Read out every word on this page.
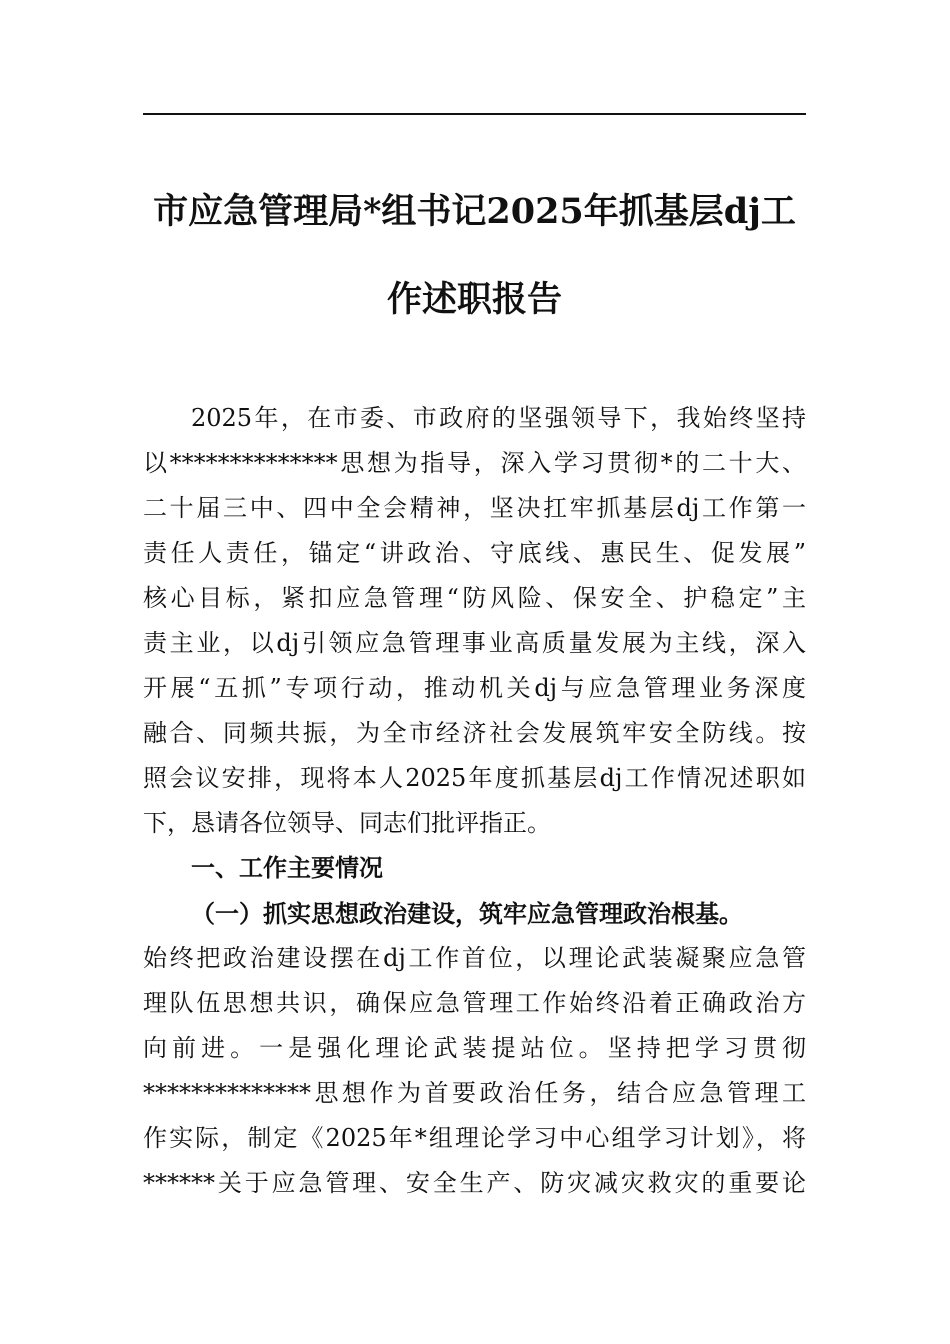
市应急管理局*组书记2025年抓基层dj工
作述职报告
2025年，在市委、市政府的坚强领导下，我始终坚持
以**************思想为指导，深入学习贯彻*的二十大、
二十届三中、四中全会精神，坚决扛牢抓基层dj工作第一
责任人责任，锚定“讲政治、守底线、惠民生、促发展”
核心目标，紧扣应急管理“防风险、保安全、护稳定”主
责主业，以dj引领应急管理事业高质量发展为主线，深入
开展“五抓”专项行动，推动机关dj与应急管理业务深度
融合、同频共振，为全市经济社会发展筑牢安全防线。按
照会议安排，现将本人2025年度抓基层dj工作情况述职如
下，恳请各位领导、同志们批评指正。
一、工作主要情况
（一）抓实思想政治建设，筑牢应急管理政治根基。
始终把政治建设摆在dj工作首位，以理论武装凝聚应急管
理队伍思想共识，确保应急管理工作始终沿着正确政治方
向前进。一是强化理论武装提站位。坚持把学习贯彻
**************思想作为首要政治任务，结合应急管理工
作实际，制定《2025年*组理论学习中心组学习计划》，将
******关于应急管理、安全生产、防灾减灾救灾的重要论
